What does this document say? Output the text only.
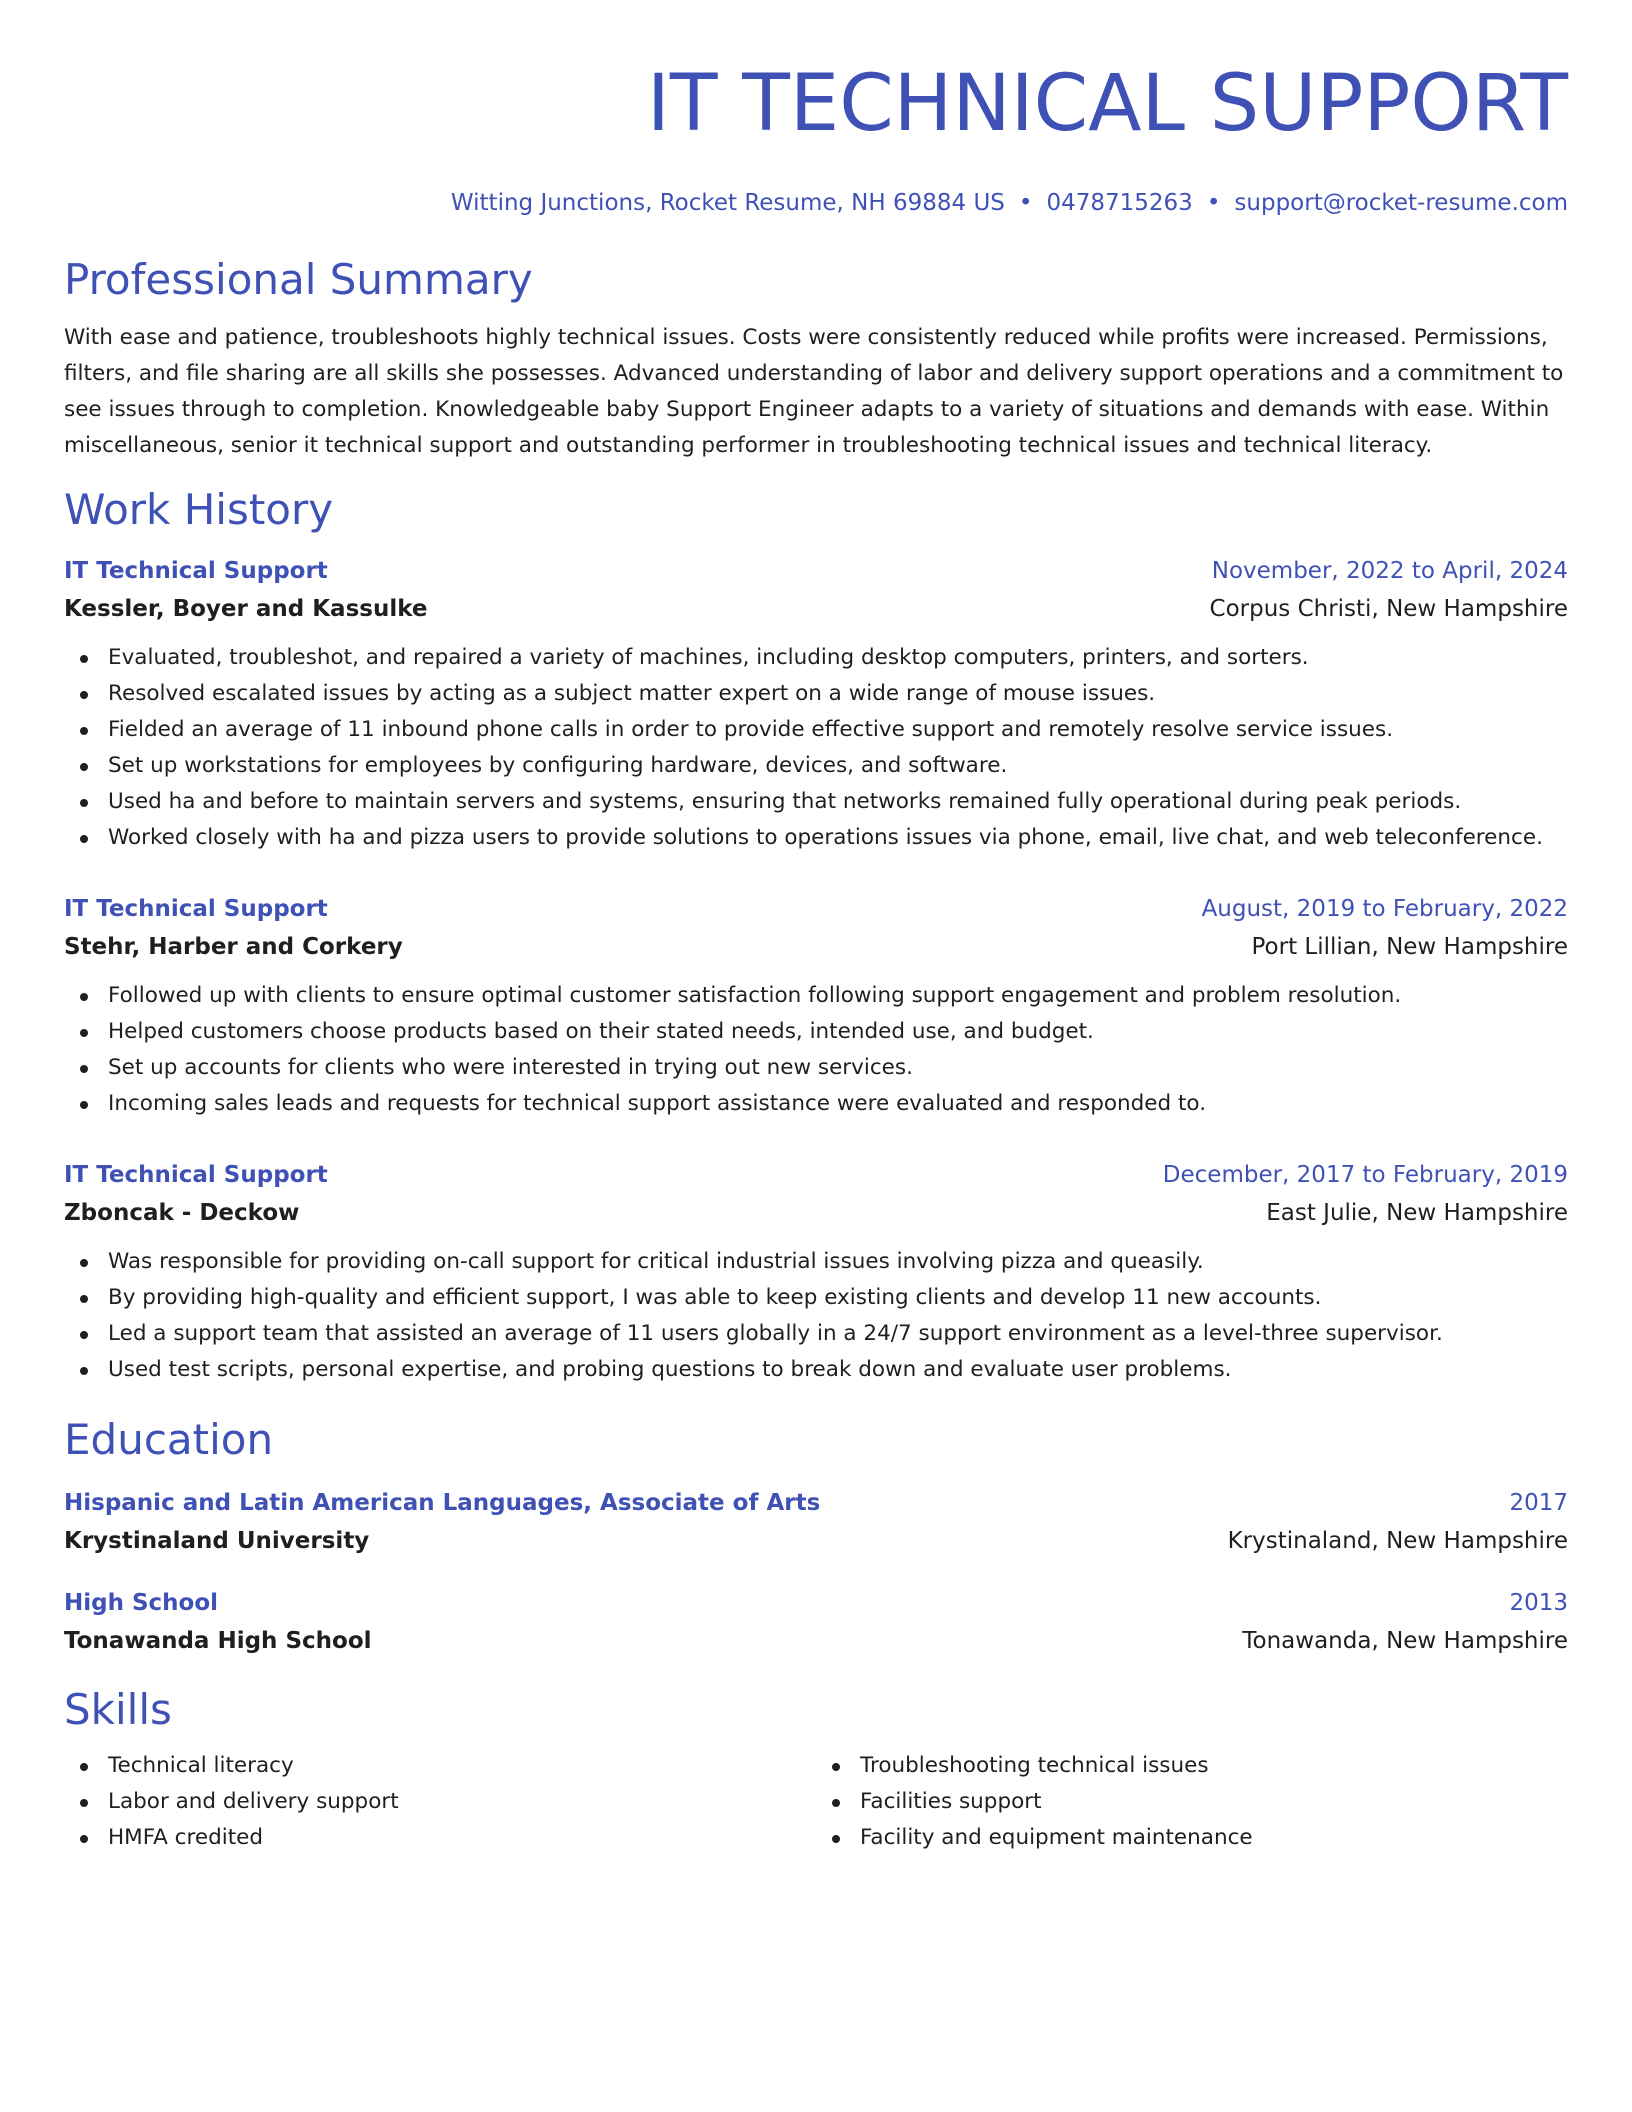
IT TECHNICAL SUPPORT
Witting Junctions, Rocket Resume, NH 69884 US • 0478715263 • support@rocket-resume.com
Professional Summary
With ease and patience, troubleshoots highly technical issues. Costs were consistently reduced while profits were increased. Permissions, filters, and file sharing are all skills she possesses. Advanced understanding of labor and delivery support operations and a commitment to see issues through to completion. Knowledgeable baby Support Engineer adapts to a variety of situations and demands with ease. Within miscellaneous, senior it technical support and outstanding performer in troubleshooting technical issues and technical literacy.
Work History
IT Technical Support	November, 2022 to April, 2024
Kessler, Boyer and Kassulke	Corpus Christi, New Hampshire
Evaluated, troubleshot, and repaired a variety of machines, including desktop computers, printers, and sorters.
Resolved escalated issues by acting as a subject matter expert on a wide range of mouse issues.
Fielded an average of 11 inbound phone calls in order to provide effective support and remotely resolve service issues.
Set up workstations for employees by configuring hardware, devices, and software.
Used ha and before to maintain servers and systems, ensuring that networks remained fully operational during peak periods.
Worked closely with ha and pizza users to provide solutions to operations issues via phone, email, live chat, and web teleconference.
IT Technical Support	August, 2019 to February, 2022
Stehr, Harber and Corkery	Port Lillian, New Hampshire
Followed up with clients to ensure optimal customer satisfaction following support engagement and problem resolution.
Helped customers choose products based on their stated needs, intended use, and budget.
Set up accounts for clients who were interested in trying out new services.
Incoming sales leads and requests for technical support assistance were evaluated and responded to.
IT Technical Support	December, 2017 to February, 2019
Zboncak - Deckow	East Julie, New Hampshire
Was responsible for providing on-call support for critical industrial issues involving pizza and queasily.
By providing high-quality and efficient support, I was able to keep existing clients and develop 11 new accounts.
Led a support team that assisted an average of 11 users globally in a 24/7 support environment as a level-three supervisor.
Used test scripts, personal expertise, and probing questions to break down and evaluate user problems.
Education
Hispanic and Latin American Languages, Associate of Arts	2017
Krystinaland University	Krystinaland, New Hampshire
High School	2013
Tonawanda High School	Tonawanda, New Hampshire
Skills
Technical literacy
Labor and delivery support
HMFA credited
Troubleshooting technical issues
Facilities support
Facility and equipment maintenance
